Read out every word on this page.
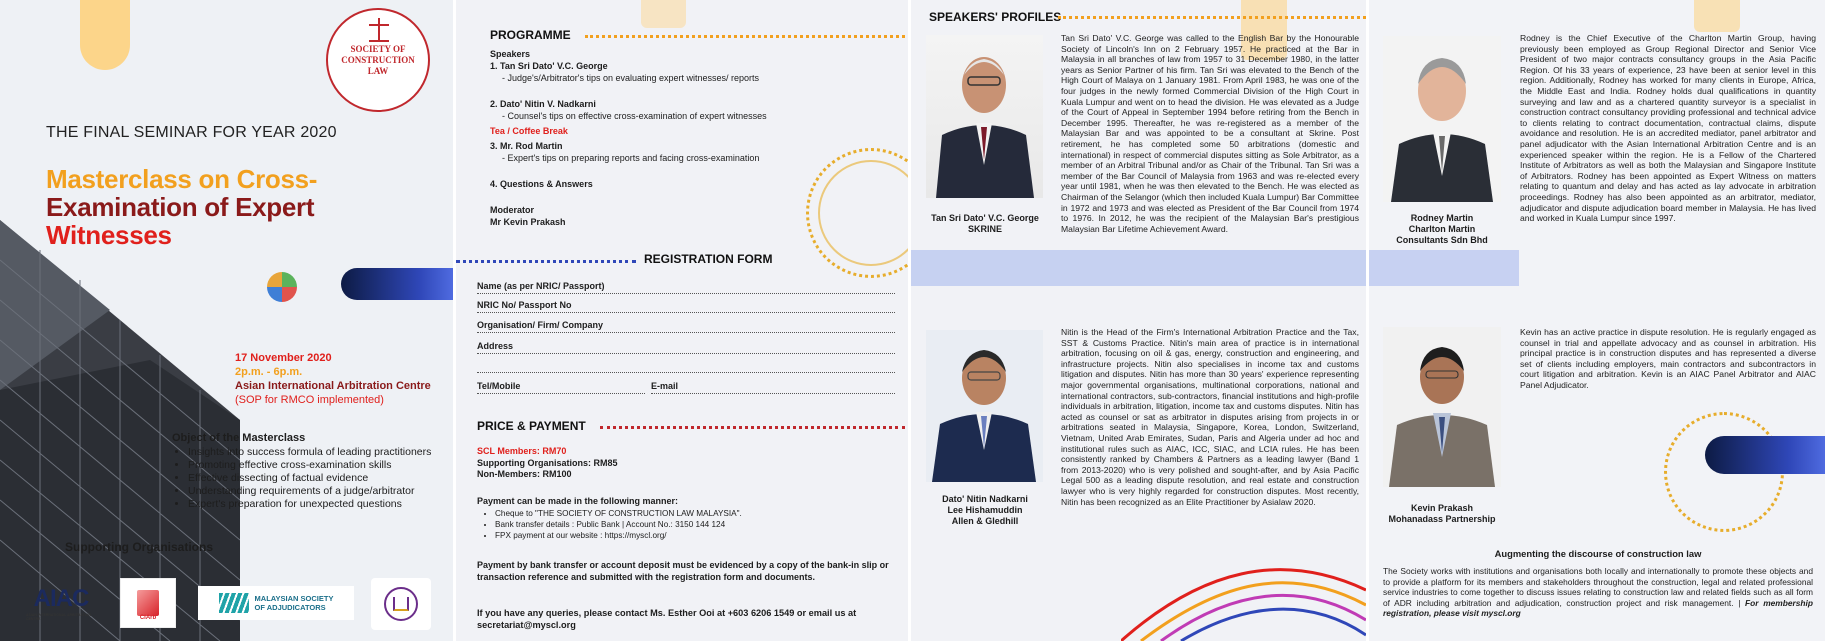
SOCIETY OF CONSTRUCTION LAW
THE FINAL SEMINAR FOR YEAR 2020
Masterclass on Cross-
Examination of Expert
Witnesses
17 November 2020
2p.m. - 6p.m.
Asian International Arbitration Centre
(SOP for RMCO implemented)
Object of the Masterclass
• Insights into success formula of leading practitioners
• Promoting effective cross-examination skills
• Effective dissecting of factual evidence
• Understanding requirements of a judge/arbitrator
• Expert's preparation for unexpected questions
Supporting Organisations
AIAC
ASIAN INTERNATIONAL ARBITRATION CENTRE	CIArb
MALAYSIAN SOCIETY
OF ADJUDICATORS
PROGRAMME
Speakers
1. Tan Sri Dato' V.C. George
- Judge's/Arbitrator's tips on evaluating expert witnesses/ reports
2. Dato' Nitin V. Nadkarni
- Counsel's tips on effective cross-examination of expert witnesses
Tea / Coffee Break
3. Mr. Rod Martin
- Expert's tips on preparing reports and facing cross-examination
4. Questions & Answers
Moderator
Mr Kevin Prakash
REGISTRATION FORM
Name (as per NRIC/ Passport)
NRIC No/ Passport No
Organisation/ Firm/ Company
Address
Tel/Mobile	E-mail
PRICE & PAYMENT
SCL Members: RM70
Supporting Organisations: RM85
Non-Members: RM100
Payment can be made in the following manner:
• Cheque to "THE SOCIETY OF CONSTRUCTION LAW MALAYSIA".
• Bank transfer details : Public Bank | Account No.: 3150 144 124
• FPX payment at our website : https://myscl.org/
Payment by bank transfer or account deposit must be evidenced by a copy of the bank-in slip or transaction reference and submitted with the registration form and documents.
If you have any queries, please contact Ms. Esther Ooi at +603 6206 1549 or email us at secretariat@myscl.org
SPEAKERS' PROFILES
Tan Sri Dato' V.C. George
SKRINE
Tan Sri Dato' V.C. George was called to the English Bar by the Honourable Society of Lincoln's Inn on 2 February 1957. He practiced at the Bar in Malaysia in all branches of law from 1957 to 31 December 1980, in the latter years as Senior Partner of his firm. Tan Sri was elevated to the Bench of the High Court of Malaya on 1 January 1981. From April 1983, he was one of the four judges in the newly formed Commercial Division of the High Court in Kuala Lumpur and went on to head the division. He was elevated as a Judge of the Court of Appeal in September 1994 before retiring from the Bench in December 1995. Thereafter, he was re-registered as a member of the Malaysian Bar and was appointed to be a consultant at Skrine. Post retirement, he has completed some 50 arbitrations (domestic and international) in respect of commercial disputes sitting as Sole Arbitrator, as a member of an Arbitral Tribunal and/or as Chair of the Tribunal. Tan Sri was a member of the Bar Council of Malaysia from 1963 and was re-elected every year until 1981, when he was then elevated to the Bench. He was elected as Chairman of the Selangor (which then included Kuala Lumpur) Bar Committee in 1972 and 1973 and was elected as President of the Bar Council from 1974 to 1976. In 2012, he was the recipient of the Malaysian Bar's prestigious Malaysian Bar Lifetime Achievement Award.
Dato' Nitin Nadkarni
Lee Hishamuddin
Allen & Gledhill
Nitin is the Head of the Firm's International Arbitration Practice and the Tax, SST & Customs Practice. Nitin's main area of practice is in international arbitration, focusing on oil & gas, energy, construction and engineering, and infrastructure projects. Nitin also specialises in income tax and customs litigation and disputes. Nitin has more than 30 years' experience representing major governmental organisations, multinational corporations, national and international contractors, sub-contractors, financial institutions and high-profile individuals in arbitration, litigation, income tax and customs disputes. Nitin has acted as counsel or sat as arbitrator in disputes arising from projects in or arbitrations seated in Malaysia, Singapore, Korea, London, Switzerland, Vietnam, United Arab Emirates, Sudan, Paris and Algeria under ad hoc and institutional rules such as AIAC, ICC, SIAC, and LCIA rules. He has been consistently ranked by Chambers & Partners as a leading lawyer (Band 1 from 2013-2020) who is very polished and sought-after, and by Asia Pacific Legal 500 as a leading dispute resolution, and real estate and construction lawyer who is very highly regarded for construction disputes. Most recently, Nitin has been recognized as an Elite Practitioner by Asialaw 2020.
Rodney Martin
Charlton Martin
Consultants Sdn Bhd
Rodney is the Chief Executive of the Charlton Martin Group, having previously been employed as Group Regional Director and Senior Vice President of two major contracts consultancy groups in the Asia Pacific Region. Of his 33 years of experience, 23 have been at senior level in this region. Additionally, Rodney has worked for many clients in Europe, Africa, the Middle East and India. Rodney holds dual qualifications in quantity surveying and law and as a chartered quantity surveyor is a specialist in construction contract consultancy providing professional and technical advice to clients relating to contract documentation, contractual claims, dispute avoidance and resolution. He is an accredited mediator, panel arbitrator and panel adjudicator with the Asian International Arbitration Centre and is an experienced speaker within the region. He is a Fellow of the Chartered Institute of Arbitrators as well as both the Malaysian and Singapore Institute of Arbitrators. Rodney has been appointed as Expert Witness on matters relating to quantum and delay and has acted as lay advocate in arbitration proceedings. Rodney has also been appointed as an arbitrator, mediator, adjudicator and dispute adjudication board member in Malaysia. He has lived and worked in Kuala Lumpur since 1997.
Kevin Prakash
Mohanadass Partnership
Kevin has an active practice in dispute resolution. He is regularly engaged as counsel in trial and appellate advocacy and as counsel in arbitration. His principal practice is in construction disputes and has represented a diverse set of clients including employers, main contractors and subcontractors in court litigation and arbitration. Kevin is an AIAC Panel Arbitrator and AIAC Panel Adjudicator.
Augmenting the discourse of construction law
The Society works with institutions and organisations both locally and internationally to promote these objects and to provide a platform for its members and stakeholders throughout the construction, legal and related professional service industries to come together to discuss issues relating to construction law and related fields such as all form of ADR including arbitration and adjudication, construction project and risk management. | For membership registration, please visit myscl.org
